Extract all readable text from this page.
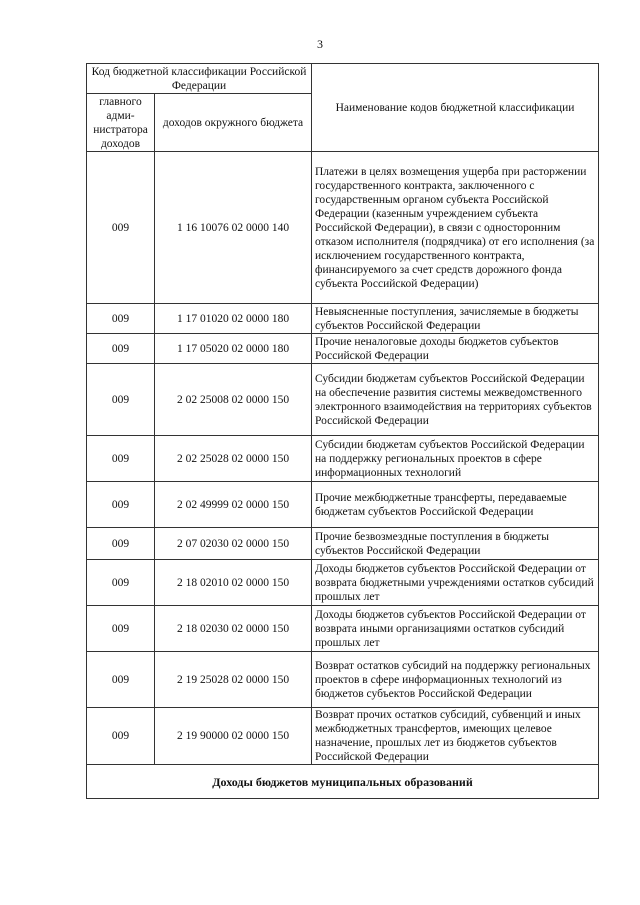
3
Код бюджетной классификации Российской Федерации		Наименование кодов бюджетной классификации
главного адми-нистратора доходов	доходов окружного бюджета	
009	1 16 10076 02 0000 140	Платежи в целях возмещения ущерба при расторжении государственного контракта, заключенного с государственным органом субъекта Российской Федерации (казенным учреждением субъекта Российской Федерации), в связи с односторонним отказом исполнителя (подрядчика) от его исполнения (за исключением государственного контракта, финансируемого за счет средств дорожного фонда субъекта Российской Федерации)
009	1 17 01020 02 0000 180	Невыясненные поступления, зачисляемые в бюджеты субъектов Российской Федерации
009	1 17 05020 02 0000 180	Прочие неналоговые доходы бюджетов субъектов Российской Федерации
009	2 02 25008 02 0000 150	Субсидии бюджетам субъектов Российской Федерации на обеспечение развития системы межведомственного электронного взаимодействия на территориях субъектов Российской Федерации
009	2 02 25028 02 0000 150	Субсидии бюджетам субъектов Российской Федерации на поддержку региональных проектов в сфере информационных технологий
009	2 02 49999 02 0000 150	Прочие межбюджетные трансферты, передаваемые бюджетам субъектов Российской Федерации
009	2 07 02030 02 0000 150	Прочие безвозмездные поступления в бюджеты субъектов Российской Федерации
009	2 18 02010 02 0000 150	Доходы бюджетов субъектов Российской Федерации от возврата бюджетными учреждениями остатков субсидий прошлых лет
009	2 18 02030 02 0000 150	Доходы бюджетов субъектов Российской Федерации от возврата иными организациями остатков субсидий прошлых лет
009	2 19 25028 02 0000 150	Возврат остатков субсидий на поддержку региональных проектов в сфере информационных технологий из бюджетов субъектов Российской Федерации
009	2 19 90000 02 0000 150	Возврат прочих остатков субсидий, субвенций и иных межбюджетных трансфертов, имеющих целевое назначение, прошлых лет из бюджетов субъектов Российской Федерации
Доходы бюджетов муниципальных образований		
